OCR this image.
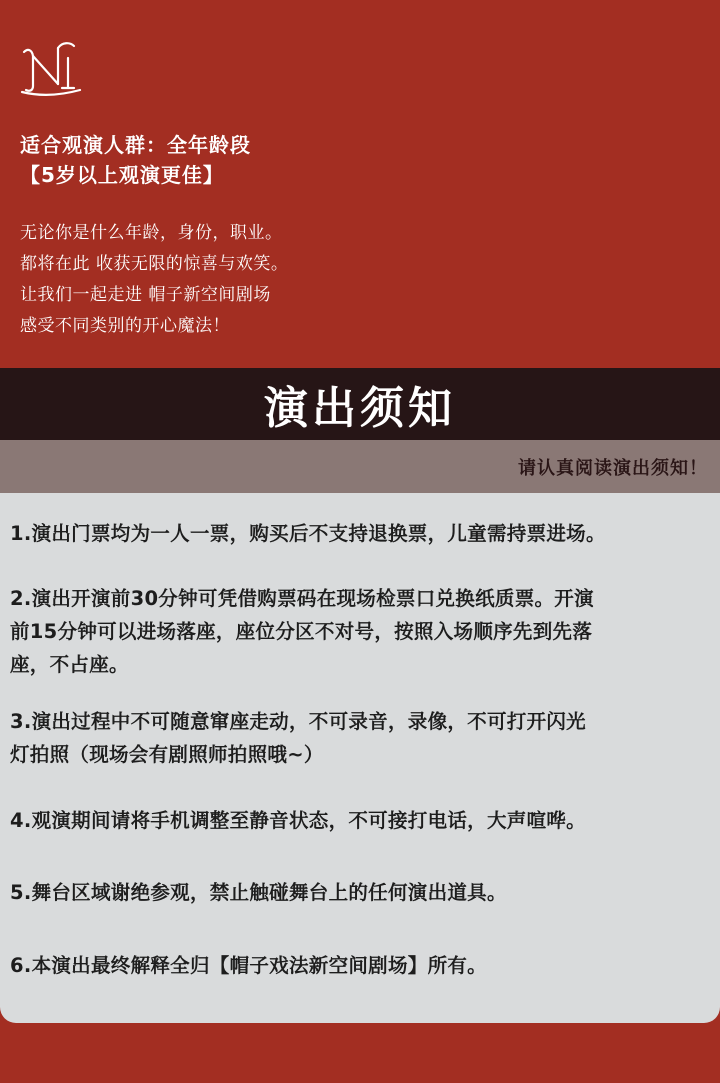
适合观演人群：全年龄段
【5岁以上观演更佳】
无论你是什么年龄，身份，职业。
都将在此 收获无限的惊喜与欢笑。
让我们一起走进 帽子新空间剧场
感受不同类别的开心魔法！
演出须知
请认真阅读演出须知！
1.演出门票均为一人一票，购买后不支持退换票，儿童需持票进场。
2.演出开演前30分钟可凭借购票码在现场检票口兑换纸质票。开演
前15分钟可以进场落座，座位分区不对号，按照入场顺序先到先落
座，不占座。
3.演出过程中不可随意窜座走动，不可录音，录像，不可打开闪光
灯拍照（现场会有剧照师拍照哦~）
4.观演期间请将手机调整至静音状态，不可接打电话，大声喧哗。
5.舞台区域谢绝参观，禁止触碰舞台上的任何演出道具。
6.本演出最终解释全归【帽子戏法新空间剧场】所有。
